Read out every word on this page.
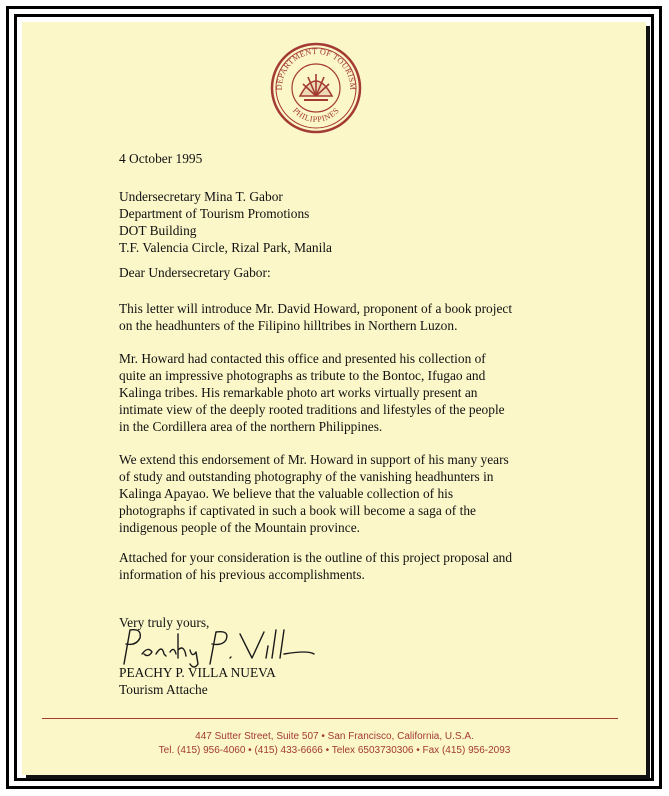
DEPARTMENT OF TOURISM
PHILIPPINES
4 October 1995
Undersecretary Mina T. Gabor
Department of Tourism Promotions
DOT Building
T.F. Valencia Circle, Rizal Park, Manila
Dear Undersecretary Gabor:
This letter will introduce Mr. David Howard, proponent of a book project
on the headhunters of the Filipino hilltribes in Northern Luzon.
Mr. Howard had contacted this office and presented his collection of
quite an impressive photographs as tribute to the Bontoc, Ifugao and
Kalinga tribes. His remarkable photo art works virtually present an
intimate view of the deeply rooted traditions and lifestyles of the people
in the Cordillera area of the northern Philippines.
We extend this endorsement of Mr. Howard in support of his many years
of study and outstanding photography of the vanishing headhunters in
Kalinga Apayao. We believe that the valuable collection of his
photographs if captivated in such a book will become a saga of the
indigenous people of the Mountain province.
Attached for your consideration is the outline of this project proposal and
information of his previous accomplishments.
Very truly yours,
PEACHY P. VILLA NUEVA
Tourism Attache
447 Sutter Street, Suite 507 • San Francisco, California, U.S.A.
Tel. (415) 956-4060 • (415) 433-6666 • Telex 6503730306 • Fax (415) 956-2093
